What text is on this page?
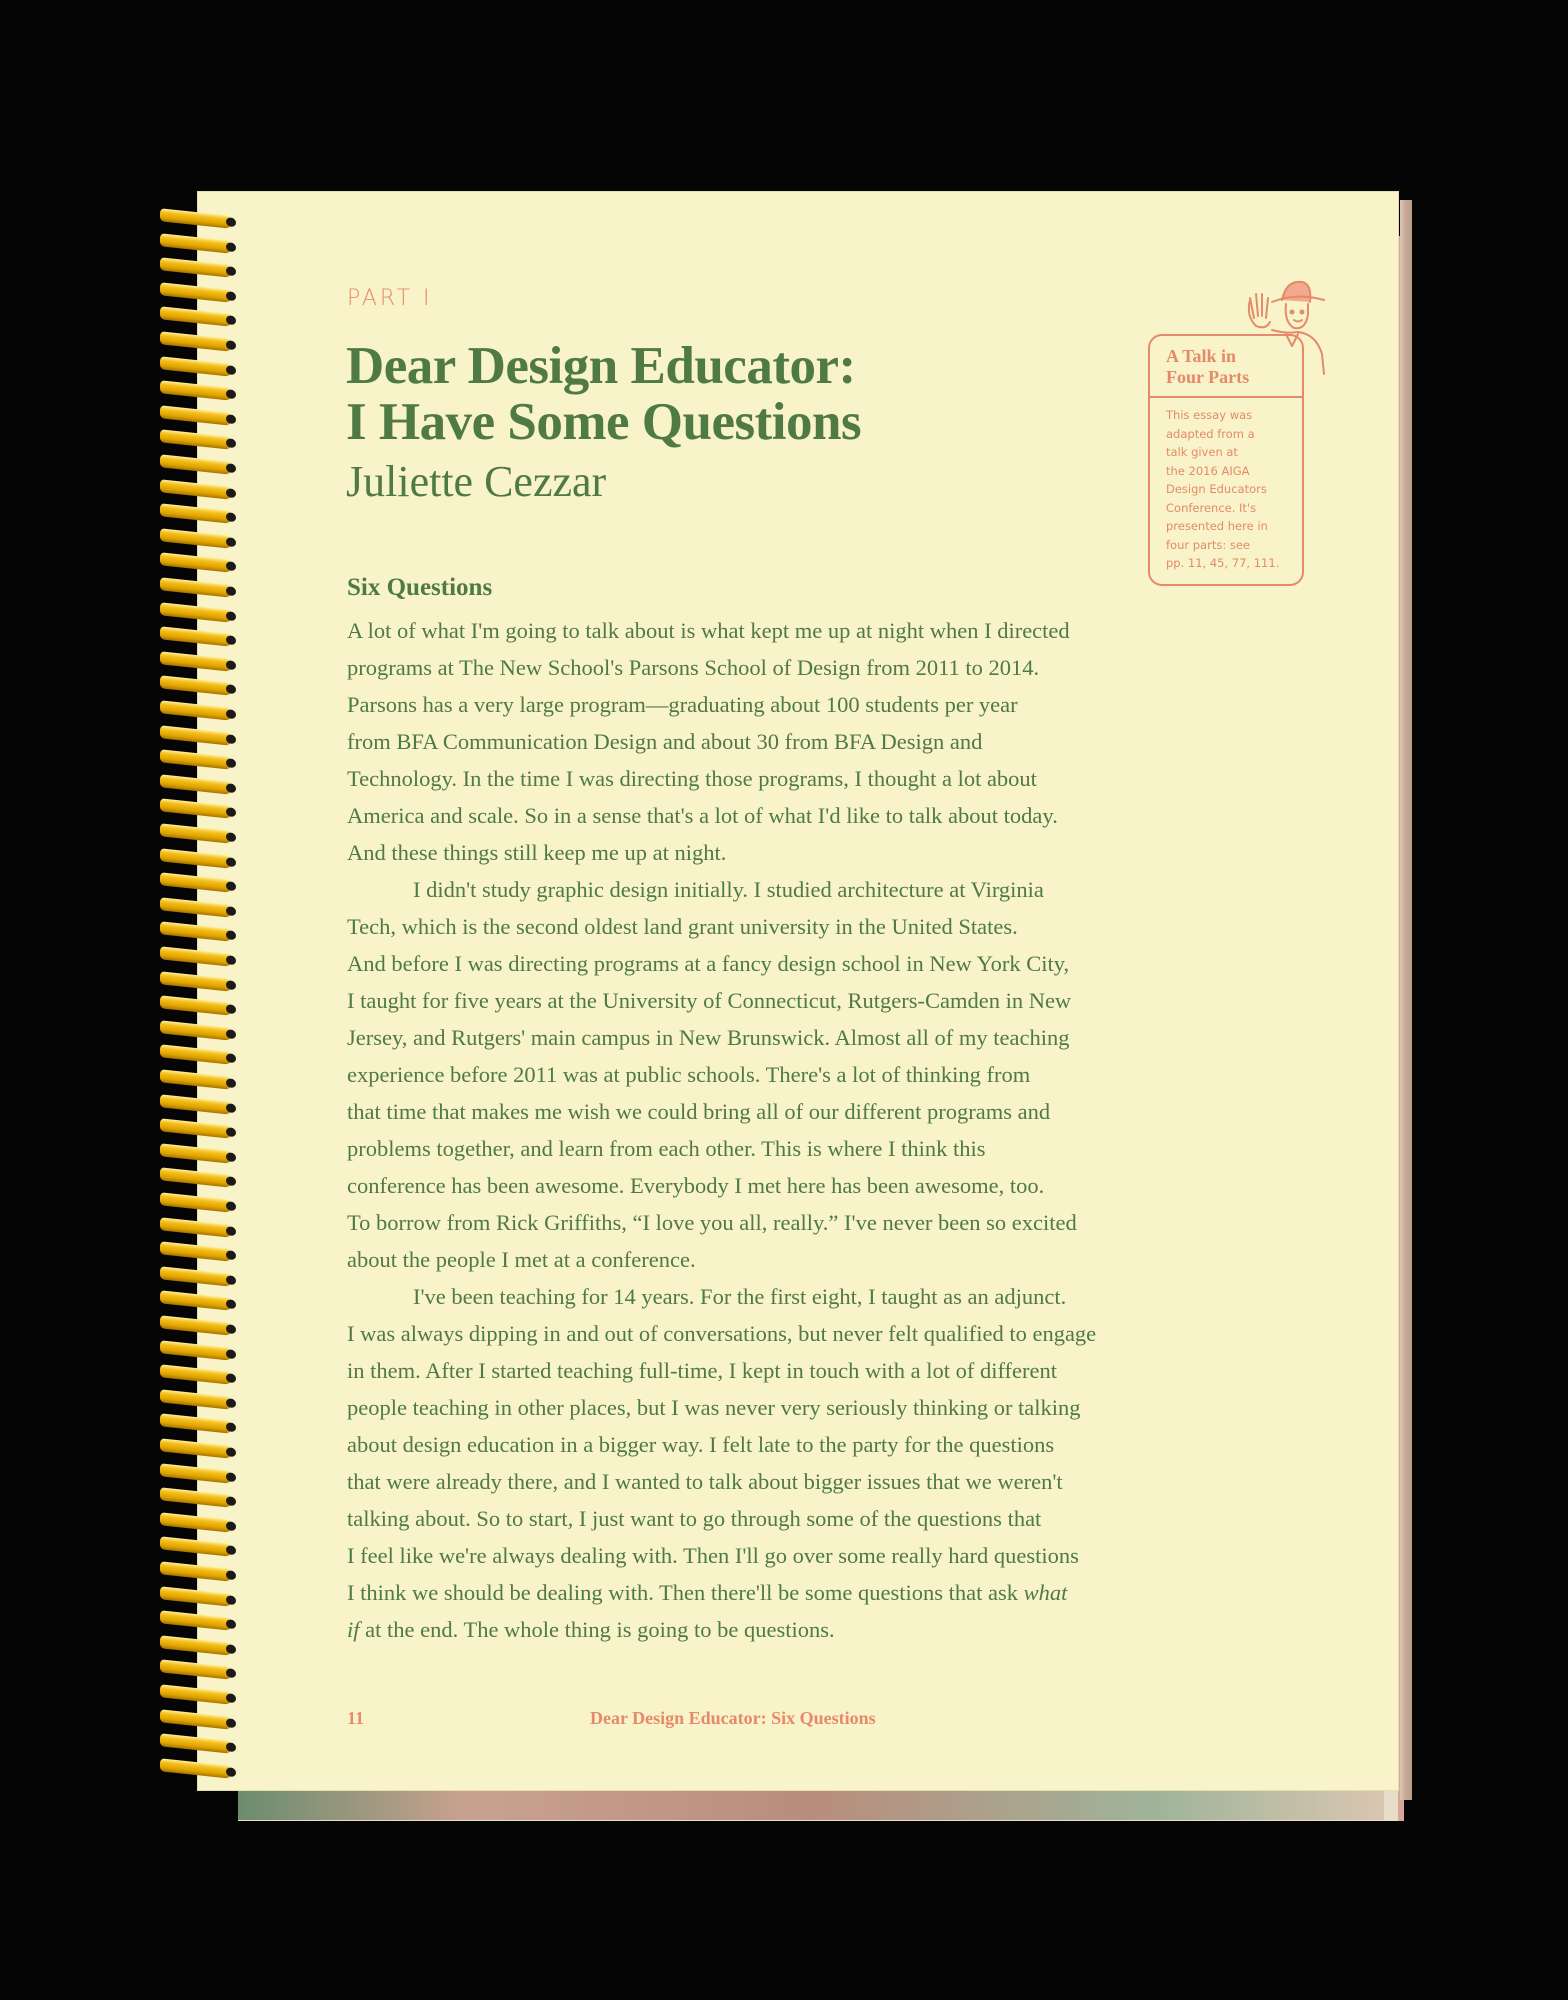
PART I
Dear Design Educator:
I Have Some Questions

Juliette Cezzar

A Talk in
Four Parts
This essay was
adapted from a
talk given at
the 2016 AIGA
Design Educators
Conference. It's
presented here in
four parts: see
pp. 11, 45, 77, 111.
Six Questions
A lot of what I'm going to talk about is what kept me up at night when I directed
programs at The New School's Parsons School of Design from 2011 to 2014.
Parsons has a very large program—graduating about 100 students per year
from BFA Communication Design and about 30 from BFA Design and
Technology. In the time I was directing those programs, I thought a lot about
America and scale. So in a sense that's a lot of what I'd like to talk about today.
And these things still keep me up at night.
I didn't study graphic design initially. I studied architecture at Virginia
Tech, which is the second oldest land grant university in the United States.
And before I was directing programs at a fancy design school in New York City,
I taught for five years at the University of Connecticut, Rutgers-Camden in New
Jersey, and Rutgers' main campus in New Brunswick. Almost all of my teaching
experience before 2011 was at public schools. There's a lot of thinking from
that time that makes me wish we could bring all of our different programs and
problems together, and learn from each other. This is where I think this
conference has been awesome. Everybody I met here has been awesome, too.
To borrow from Rick Griffiths, “I love you all, really.” I've never been so excited
about the people I met at a conference.
I've been teaching for 14 years. For the first eight, I taught as an adjunct.
I was always dipping in and out of conversations, but never felt qualified to engage
in them. After I started teaching full-time, I kept in touch with a lot of different
people teaching in other places, but I was never very seriously thinking or talking
about design education in a bigger way. I felt late to the party for the questions
that were already there, and I wanted to talk about bigger issues that we weren't
talking about. So to start, I just want to go through some of the questions that
I feel like we're always dealing with. Then I'll go over some really hard questions
I think we should be dealing with. Then there'll be some questions that ask what
if at the end. The whole thing is going to be questions.
11	Dear Design Educator: Six Questions
